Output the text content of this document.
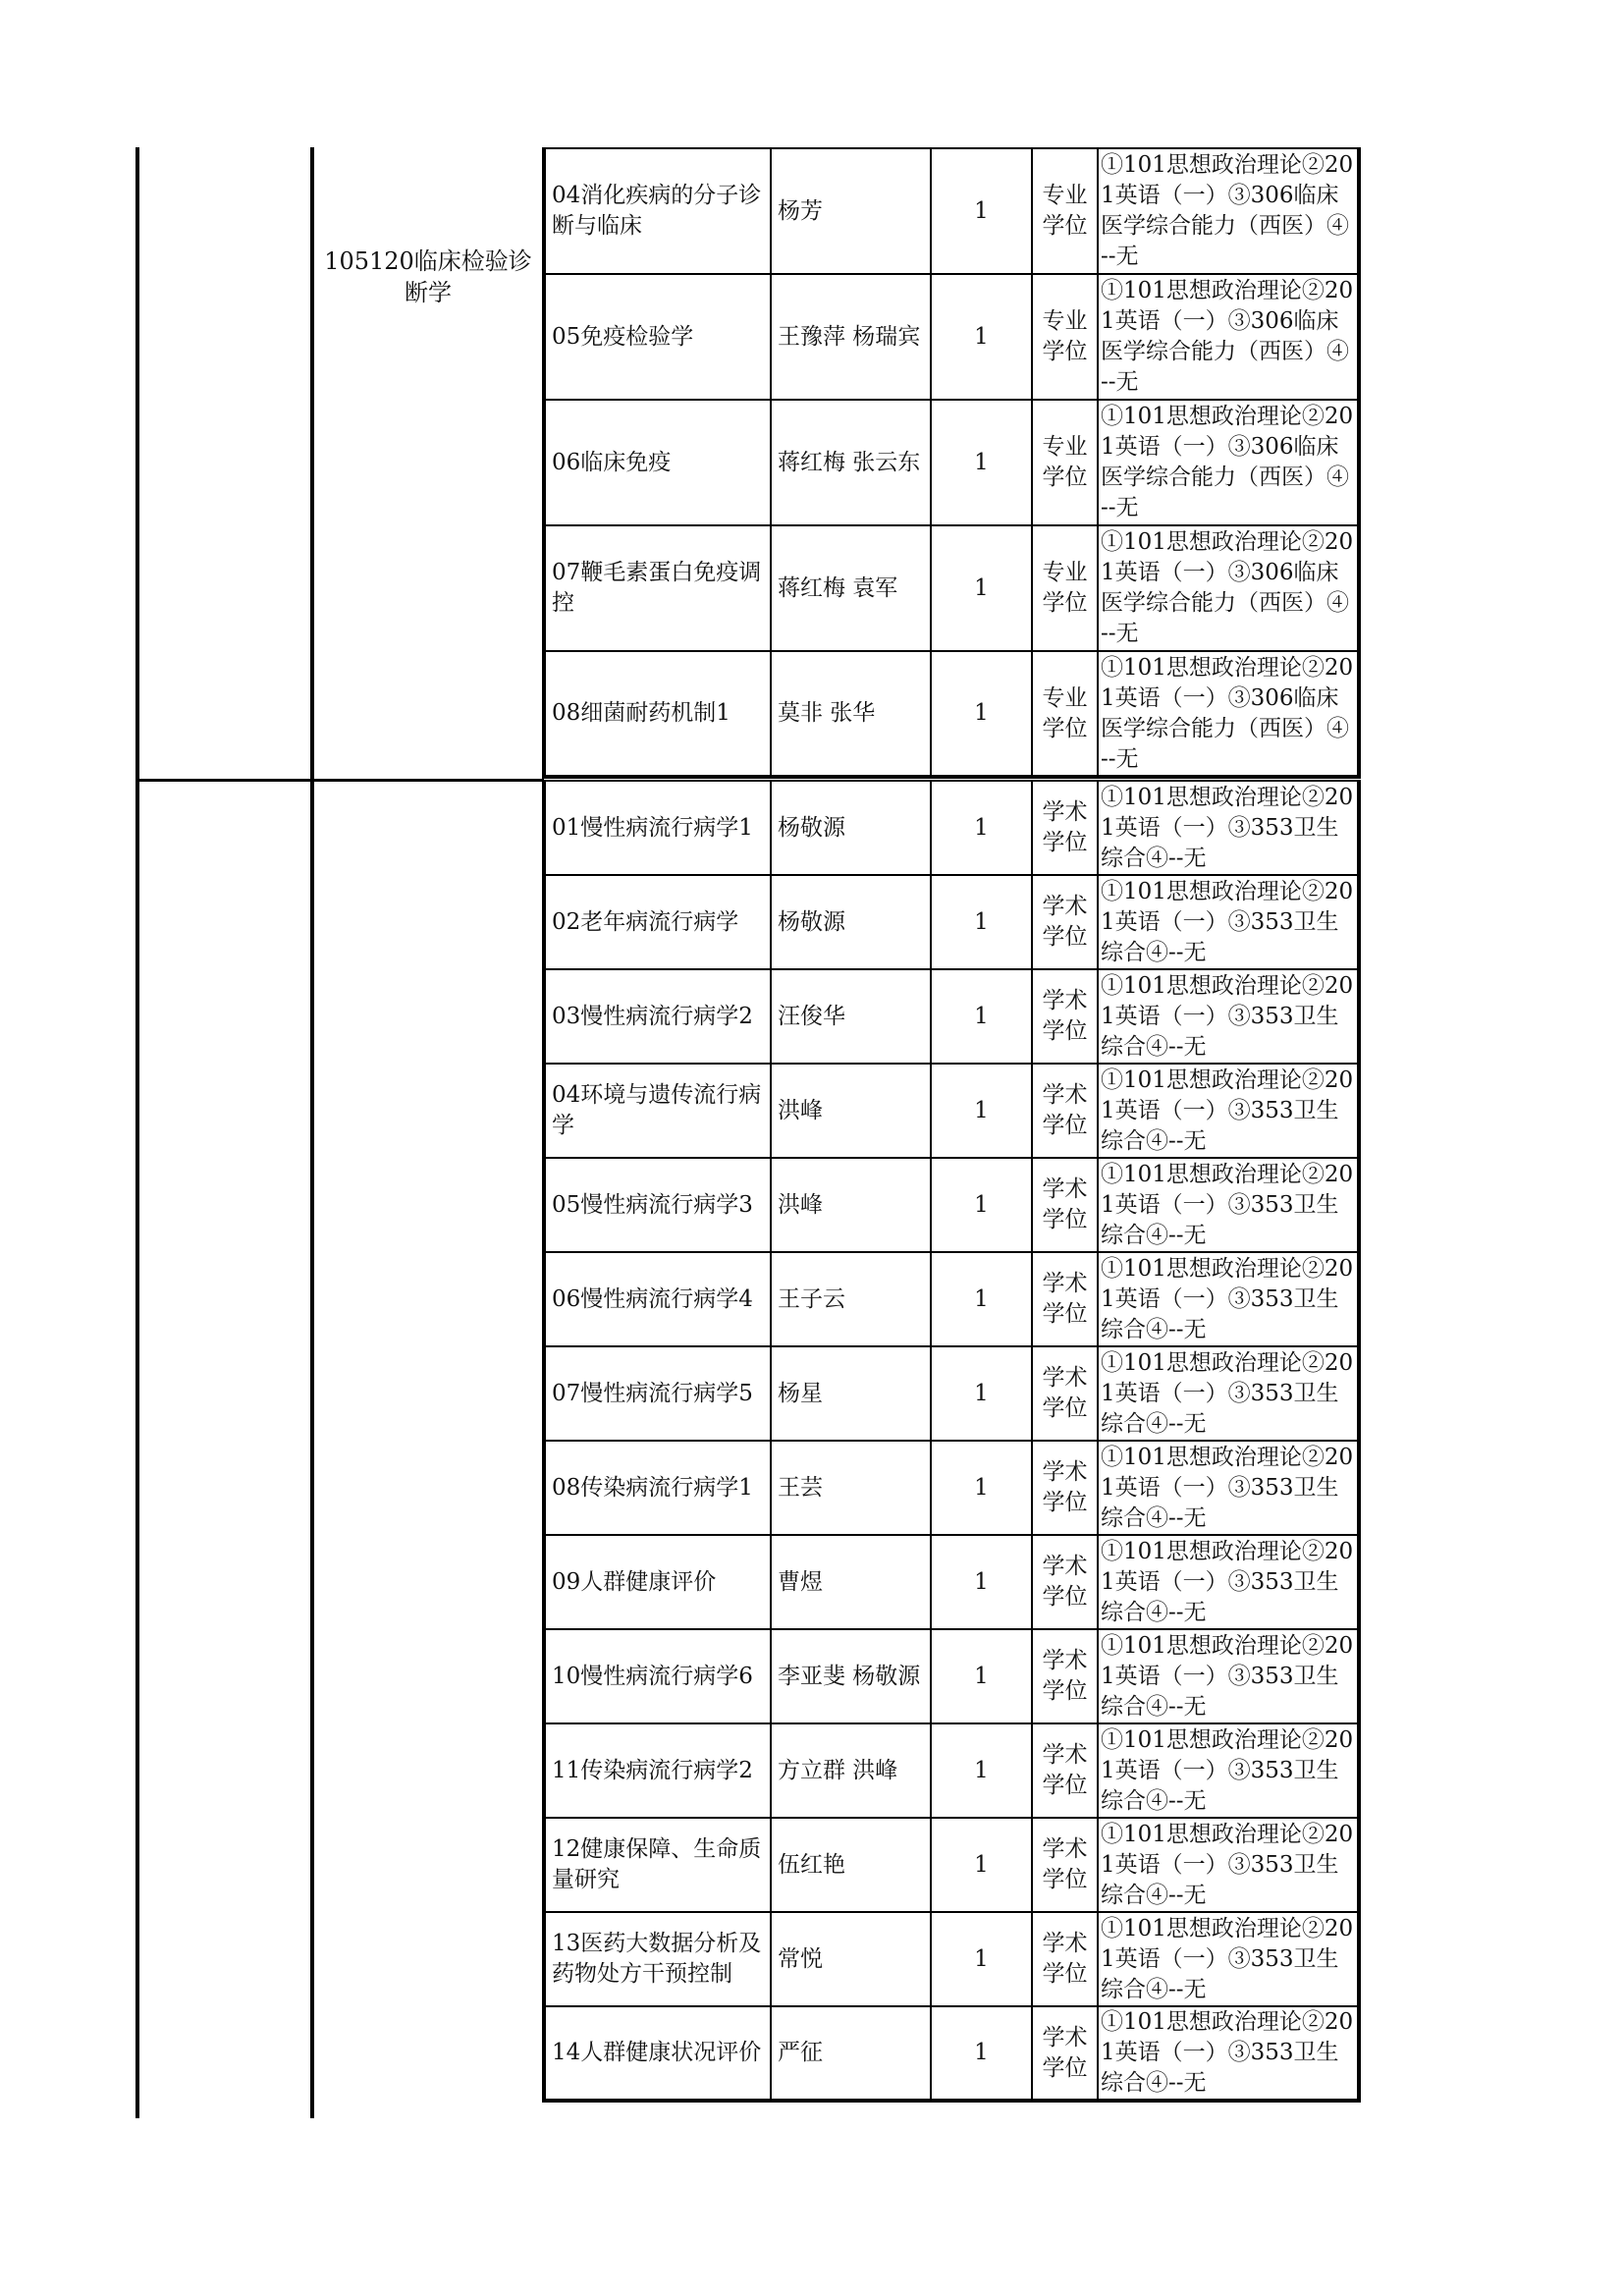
105120临床检验诊断学
04消化疾病的分子诊断与临床	杨芳	1	专业学位	①101思想政治理论②201英语（一）③306临床医学综合能力（西医）④--无
05免疫检验学	王豫萍 杨瑞宾	1	专业学位	①101思想政治理论②201英语（一）③306临床医学综合能力（西医）④--无
06临床免疫	蒋红梅 张云东	1	专业学位	①101思想政治理论②201英语（一）③306临床医学综合能力（西医）④--无
07鞭毛素蛋白免疫调控	蒋红梅 袁军	1	专业学位	①101思想政治理论②201英语（一）③306临床医学综合能力（西医）④--无
08细菌耐药机制1	莫非 张华	1	专业学位	①101思想政治理论②201英语（一）③306临床医学综合能力（西医）④--无
01慢性病流行病学1	杨敬源	1	学术学位	①101思想政治理论②201英语（一）③353卫生综合④--无
02老年病流行病学	杨敬源	1	学术学位	①101思想政治理论②201英语（一）③353卫生综合④--无
03慢性病流行病学2	汪俊华	1	学术学位	①101思想政治理论②201英语（一）③353卫生综合④--无
04环境与遗传流行病学	洪峰	1	学术学位	①101思想政治理论②201英语（一）③353卫生综合④--无
05慢性病流行病学3	洪峰	1	学术学位	①101思想政治理论②201英语（一）③353卫生综合④--无
06慢性病流行病学4	王子云	1	学术学位	①101思想政治理论②201英语（一）③353卫生综合④--无
07慢性病流行病学5	杨星	1	学术学位	①101思想政治理论②201英语（一）③353卫生综合④--无
08传染病流行病学1	王芸	1	学术学位	①101思想政治理论②201英语（一）③353卫生综合④--无
09人群健康评价	曹煜	1	学术学位	①101思想政治理论②201英语（一）③353卫生综合④--无
10慢性病流行病学6	李亚斐 杨敬源	1	学术学位	①101思想政治理论②201英语（一）③353卫生综合④--无
11传染病流行病学2	方立群 洪峰	1	学术学位	①101思想政治理论②201英语（一）③353卫生综合④--无
12健康保障、生命质量研究	伍红艳	1	学术学位	①101思想政治理论②201英语（一）③353卫生综合④--无
13医药大数据分析及药物处方干预控制	常悦	1	学术学位	①101思想政治理论②201英语（一）③353卫生综合④--无
14人群健康状况评价	严征	1	学术学位	①101思想政治理论②201英语（一）③353卫生综合④--无
